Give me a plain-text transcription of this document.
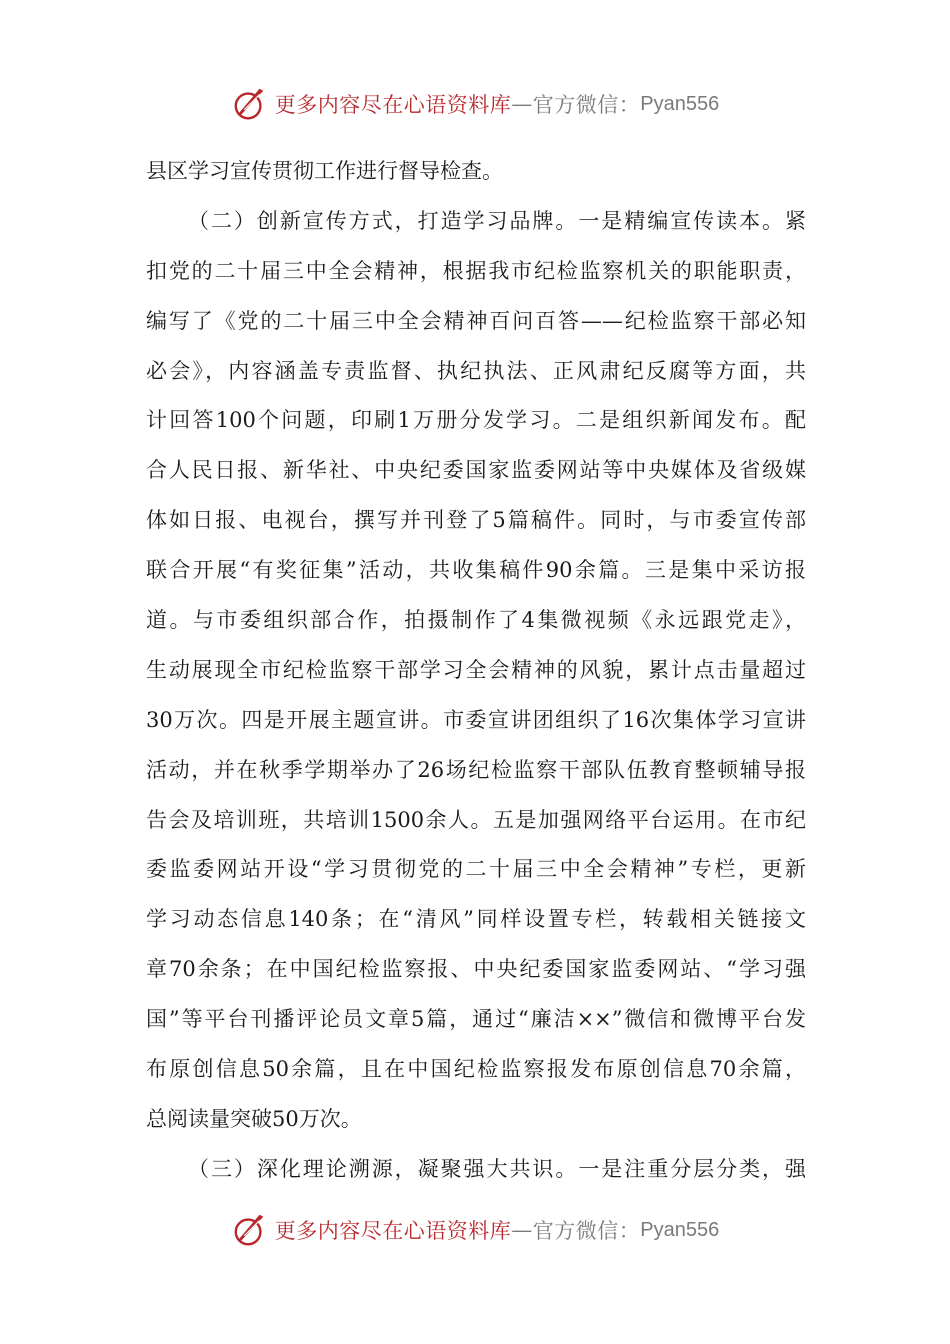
更多内容尽在心语资料库 — 官方微信： Pyan556
县区学习宣传贯彻工作进行督导检查。
（二）创新宣传方式，打造学习品牌。一是精编宣传读本。紧
扣党的二十届三中全会精神，根据我市纪检监察机关的职能职责，
编写了《党的二十届三中全会精神百问百答——纪检监察干部必知
必会》，内容涵盖专责监督、执纪执法、正风肃纪反腐等方面，共
计回答100个问题，印刷1万册分发学习。二是组织新闻发布。配
合人民日报、新华社、中央纪委国家监委网站等中央媒体及省级媒
体如日报、电视台，撰写并刊登了5篇稿件。同时，与市委宣传部
联合开展“有奖征集”活动，共收集稿件90余篇。三是集中采访报
道。与市委组织部合作，拍摄制作了4集微视频《永远跟党走》，
生动展现全市纪检监察干部学习全会精神的风貌，累计点击量超过
30万次。四是开展主题宣讲。市委宣讲团组织了16次集体学习宣讲
活动，并在秋季学期举办了26场纪检监察干部队伍教育整顿辅导报
告会及培训班，共培训1500余人。五是加强网络平台运用。在市纪
委监委网站开设“学习贯彻党的二十届三中全会精神”专栏，更新
学习动态信息140条；在“清风”同样设置专栏，转载相关链接文
章70余条；在中国纪检监察报、中央纪委国家监委网站、“学习强
国”等平台刊播评论员文章5篇，通过“廉洁××”微信和微博平台发
布原创信息50余篇，且在中国纪检监察报发布原创信息70余篇，
总阅读量突破50万次。
（三）深化理论溯源，凝聚强大共识。一是注重分层分类，强
更多内容尽在心语资料库 — 官方微信： Pyan556
